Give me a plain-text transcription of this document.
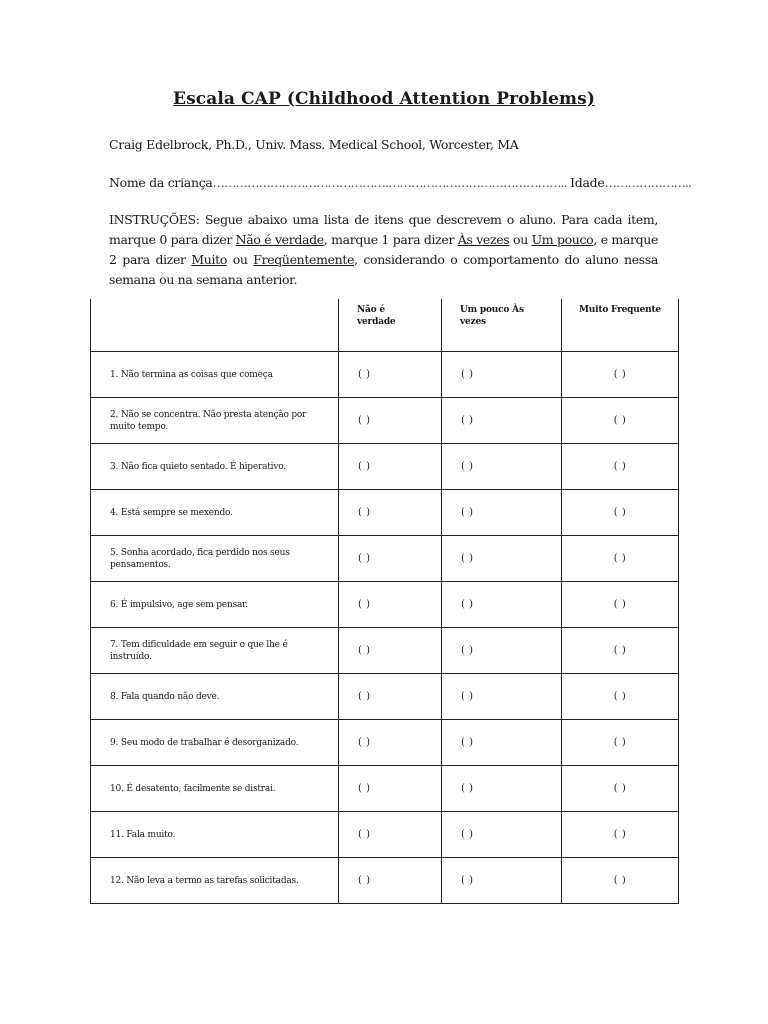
Escala CAP (Childhood Attention Problems)
Craig Edelbrock, Ph.D., Univ. Mass. Medical School, Worcester, MA
Nome da criança……………………………………….……………………………………….. Idade…………………..
INSTRUÇÕES: Segue abaixo uma lista de itens que descrevem o aluno. Para cada item, marque 0 para dizer Não é verdade, marque 1 para dizer Às vezes ou Um pouco, e marque 2 para dizer Muito ou Freqüentemente, considerando o comportamento do aluno nessa semana ou na semana anterior.

	Não é verdade	Um pouco Às vezes	Muito Frequente

1. Não termina as coisas que começa	( )	( )	( )

2. Não se concentra. Não presta atenção por muito tempo.	( )	( )	( )

3. Não fica quieto sentado. É hiperativo.	( )	( )	( )

4. Está sempre se mexendo.	( )	( )	( )

5. Sonha acordado, fica perdido nos seus pensamentos.	( )	( )	( )

6. É impulsivo, age sem pensar.	( )	( )	( )

7. Tem dificuldade em seguir o que lhe é instruído.	( )	( )	( )

8. Fala quando não deve.	( )	( )	( )

9. Seu modo de trabalhar é desorganizado.	( )	( )	( )

10. É desatento, facilmente se distrai.	( )	( )	( )

11. Fala muito.	( )	( )	( )

12. Não leva a termo as tarefas solicitadas.	( )	( )	( )
